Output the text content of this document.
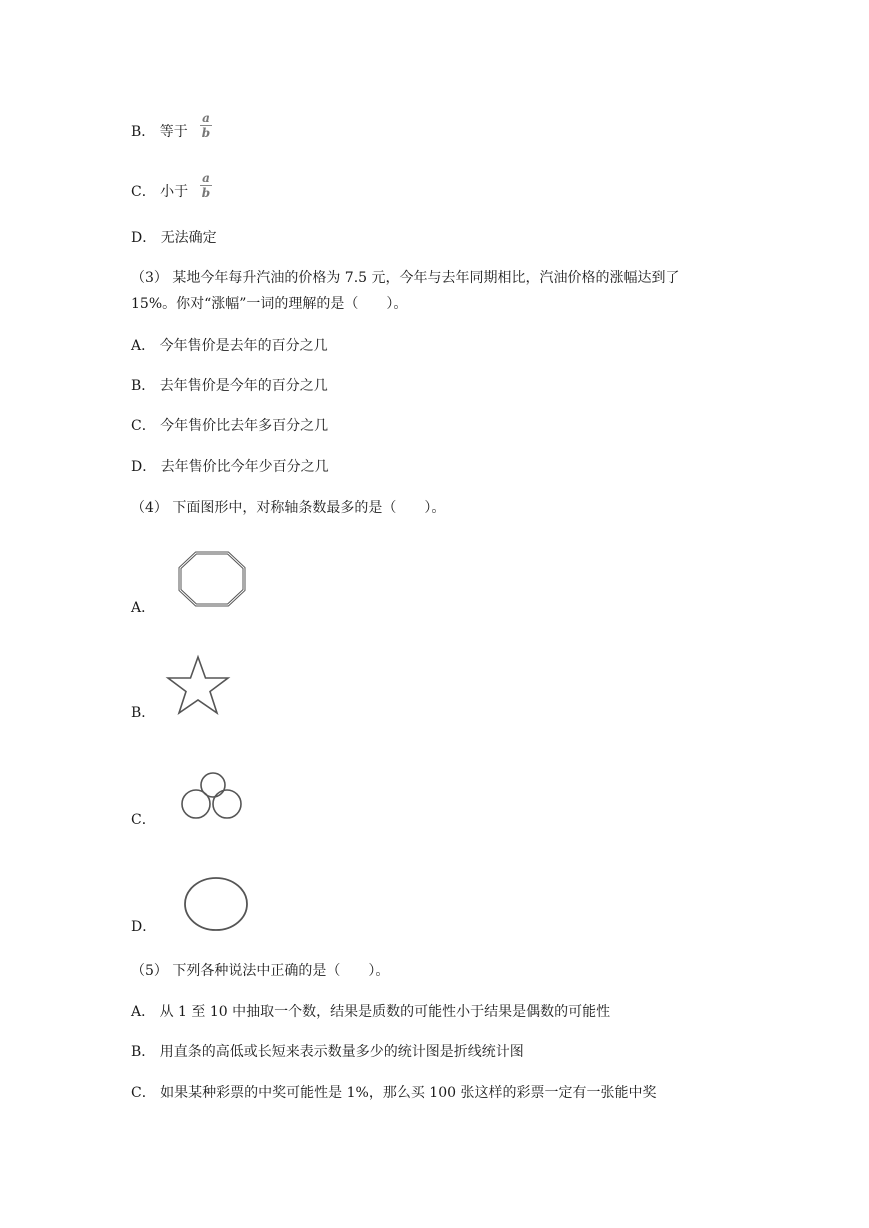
B． 等于
a
b
C． 小于
a
b
D． 无法确定
（3） 某地今年每升汽油的价格为 7.5 元，今年与去年同期相比，汽油价格的涨幅达到了
15%。你对“涨幅”一词的理解的是（　　）。
A． 今年售价是去年的百分之几
B． 去年售价是今年的百分之几
C． 今年售价比去年多百分之几
D． 去年售价比今年少百分之几
（4） 下面图形中，对称轴条数最多的是（　　）。
A．
B．
C．
D．
（5） 下列各种说法中正确的是（　　）。
A． 从 1 至 10 中抽取一个数，结果是质数的可能性小于结果是偶数的可能性
B． 用直条的高低或长短来表示数量多少的统计图是折线统计图
C． 如果某种彩票的中奖可能性是 1%，那么买 100 张这样的彩票一定有一张能中奖
